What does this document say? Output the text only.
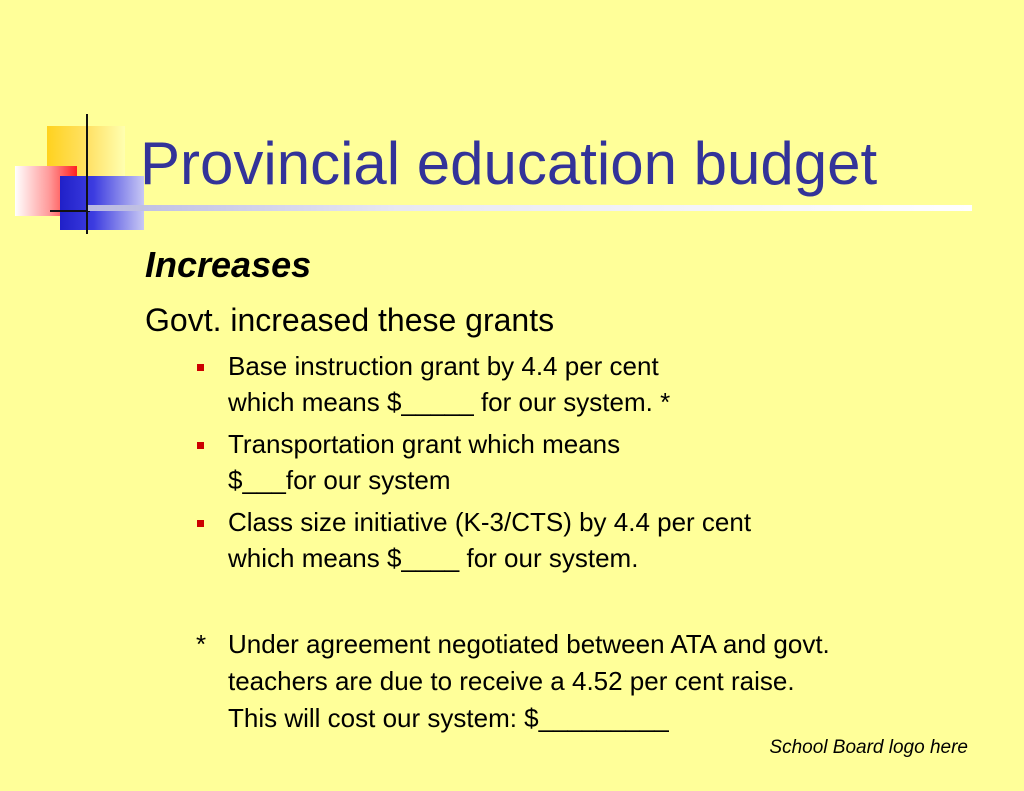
Provincial education budget
Increases

Govt. increased these grants

Base instruction grant by 4.4 per cent
which means $_____ for our system. *
Transportation grant which means
$___for our system
Class size initiative (K-3/CTS) by 4.4 per cent
which means $____ for our system.
* Under agreement negotiated between ATA and govt.
teachers are due to receive a 4.52 per cent raise.
This will cost our system: $_________
School Board logo here
